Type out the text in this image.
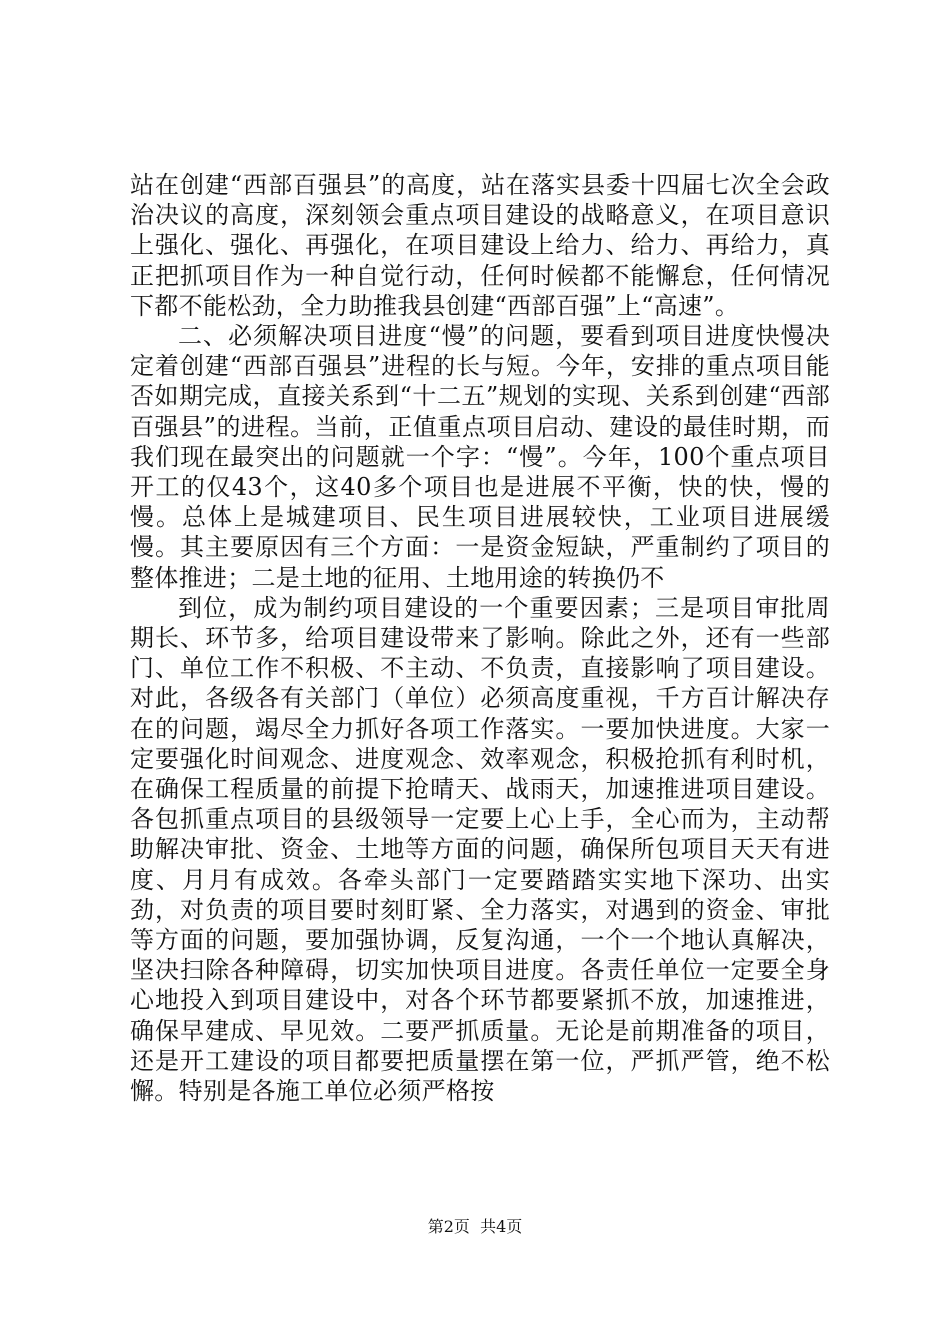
站在创建“西部百强县”的高度，站在落实县委十四届七次全会政治决议的高度，深刻领会重点项目建设的战略意义，在项目意识上强化、强化、再强化，在项目建设上给力、给力、再给力，真正把抓项目作为一种自觉行动，任何时候都不能懈怠，任何情况下都不能松劲，全力助推我县创建“西部百强”上“高速”。

二、必须解决项目进度“慢”的问题，要看到项目进度快慢决定着创建“西部百强县”进程的长与短。今年，安排的重点项目能否如期完成，直接关系到“十二五”规划的实现、关系到创建“西部百强县”的进程。当前，正值重点项目启动、建设的最佳时期，而我们现在最突出的问题就一个字：“慢”。今年，100个重点项目开工的仅43个，这40多个项目也是进展不平衡，快的快，慢的慢。总体上是城建项目、民生项目进展较快，工业项目进展缓慢。其主要原因有三个方面：一是资金短缺，严重制约了项目的整体推进；二是土地的征用、土地用途的转换仍不

到位，成为制约项目建设的一个重要因素；三是项目审批周期长、环节多，给项目建设带来了影响。除此之外，还有一些部门、单位工作不积极、不主动、不负责，直接影响了项目建设。对此，各级各有关部门（单位）必须高度重视，千方百计解决存在的问题，竭尽全力抓好各项工作落实。一要加快进度。大家一定要强化时间观念、进度观念、效率观念，积极抢抓有利时机，在确保工程质量的前提下抢晴天、战雨天，加速推进项目建设。各包抓重点项目的县级领导一定要上心上手，全心而为，主动帮助解决审批、资金、土地等方面的问题，确保所包项目天天有进度、月月有成效。各牵头部门一定要踏踏实实地下深功、出实劲，对负责的项目要时刻盯紧、全力落实，对遇到的资金、审批等方面的问题，要加强协调，反复沟通，一个一个地认真解决，坚决扫除各种障碍，切实加快项目进度。各责任单位一定要全身心地投入到项目建设中，对各个环节都要紧抓不放，加速推进，确保早建成、早见效。二要严抓质量。无论是前期准备的项目，还是开工建设的项目都要把质量摆在第一位，严抓严管，绝不松懈。特别是各施工单位必须严格按

第2页 共4页
